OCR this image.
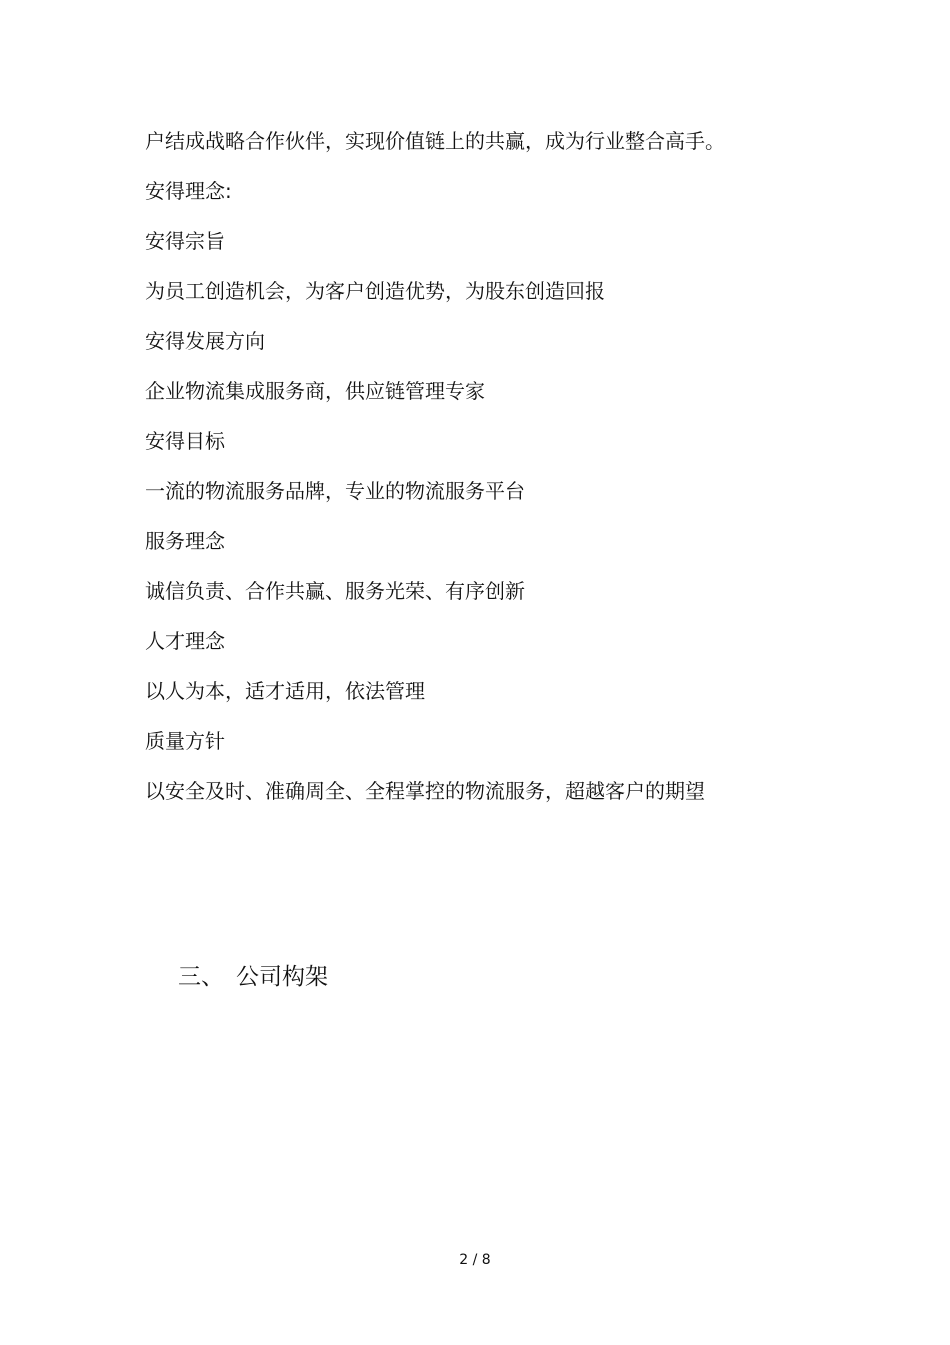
户结成战略合作伙伴，实现价值链上的共赢，成为行业整合高手。
安得理念:
安得宗旨
为员工创造机会，为客户创造优势，为股东创造回报
安得发展方向
企业物流集成服务商，供应链管理专家
安得目标
一流的物流服务品牌，专业的物流服务平台
服务理念
诚信负责、合作共赢、服务光荣、有序创新
人才理念
以人为本，适才适用，依法管理
质量方针
以安全及时、准确周全、全程掌控的物流服务，超越客户的期望
三、 公司构架
2 / 8
